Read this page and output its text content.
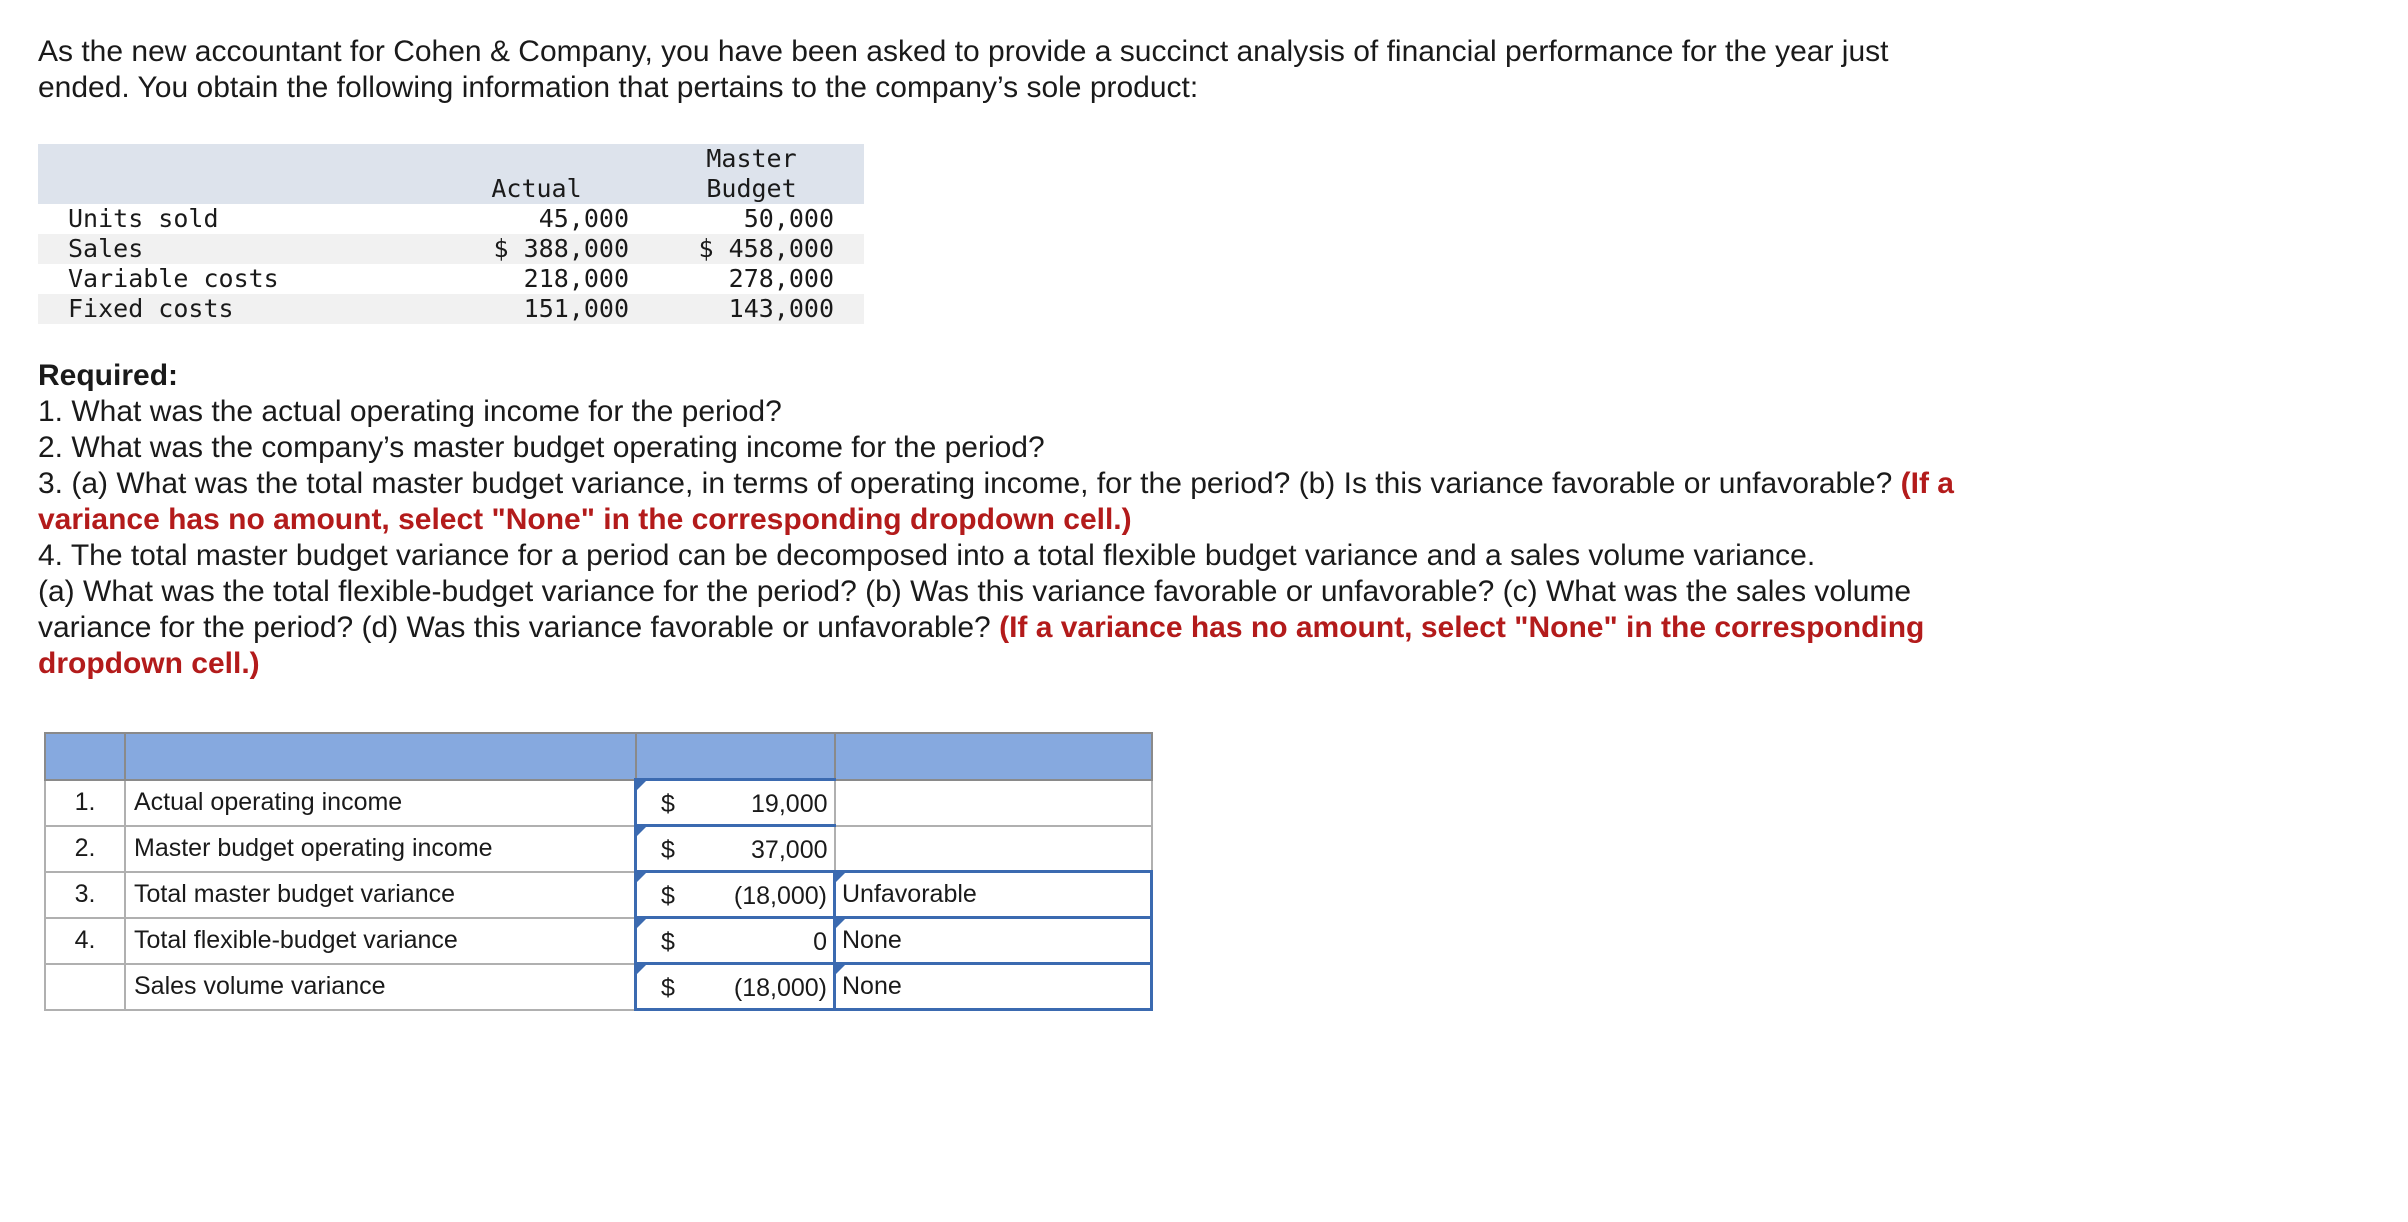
As the new accountant for Cohen & Company, you have been asked to provide a succinct analysis of financial performance for the year just ended. You obtain the following information that pertains to the company’s sole product:
	Actual	Master
Budget
Units sold	45,000	50,000
Sales	$ 388,000	$ 458,000
Variable costs	218,000	278,000
Fixed costs	151,000	143,000
Required:
1. What was the actual operating income for the period?
2. What was the company’s master budget operating income for the period?
3. (a) What was the total master budget variance, in terms of operating income, for the period? (b) Is this variance favorable or unfavorable? (If a variance has no amount, select "None" in the corresponding dropdown cell.)
4. The total master budget variance for a period can be decomposed into a total flexible budget variance and a sales volume variance.
(a) What was the total flexible-budget variance for the period? (b) Was this variance favorable or unfavorable? (c) What was the sales volume variance for the period? (d) Was this variance favorable or unfavorable? (If a variance has no amount, select "None" in the corresponding dropdown cell.)

1.	Actual operating income	$ 19,000	

2.	Master budget operating income	$ 37,000	

3.	Total master budget variance	$ (18,000)	Unfavorable
4.	Total flexible-budget variance	$ 0	None
	Sales volume variance	$ (18,000)	None
